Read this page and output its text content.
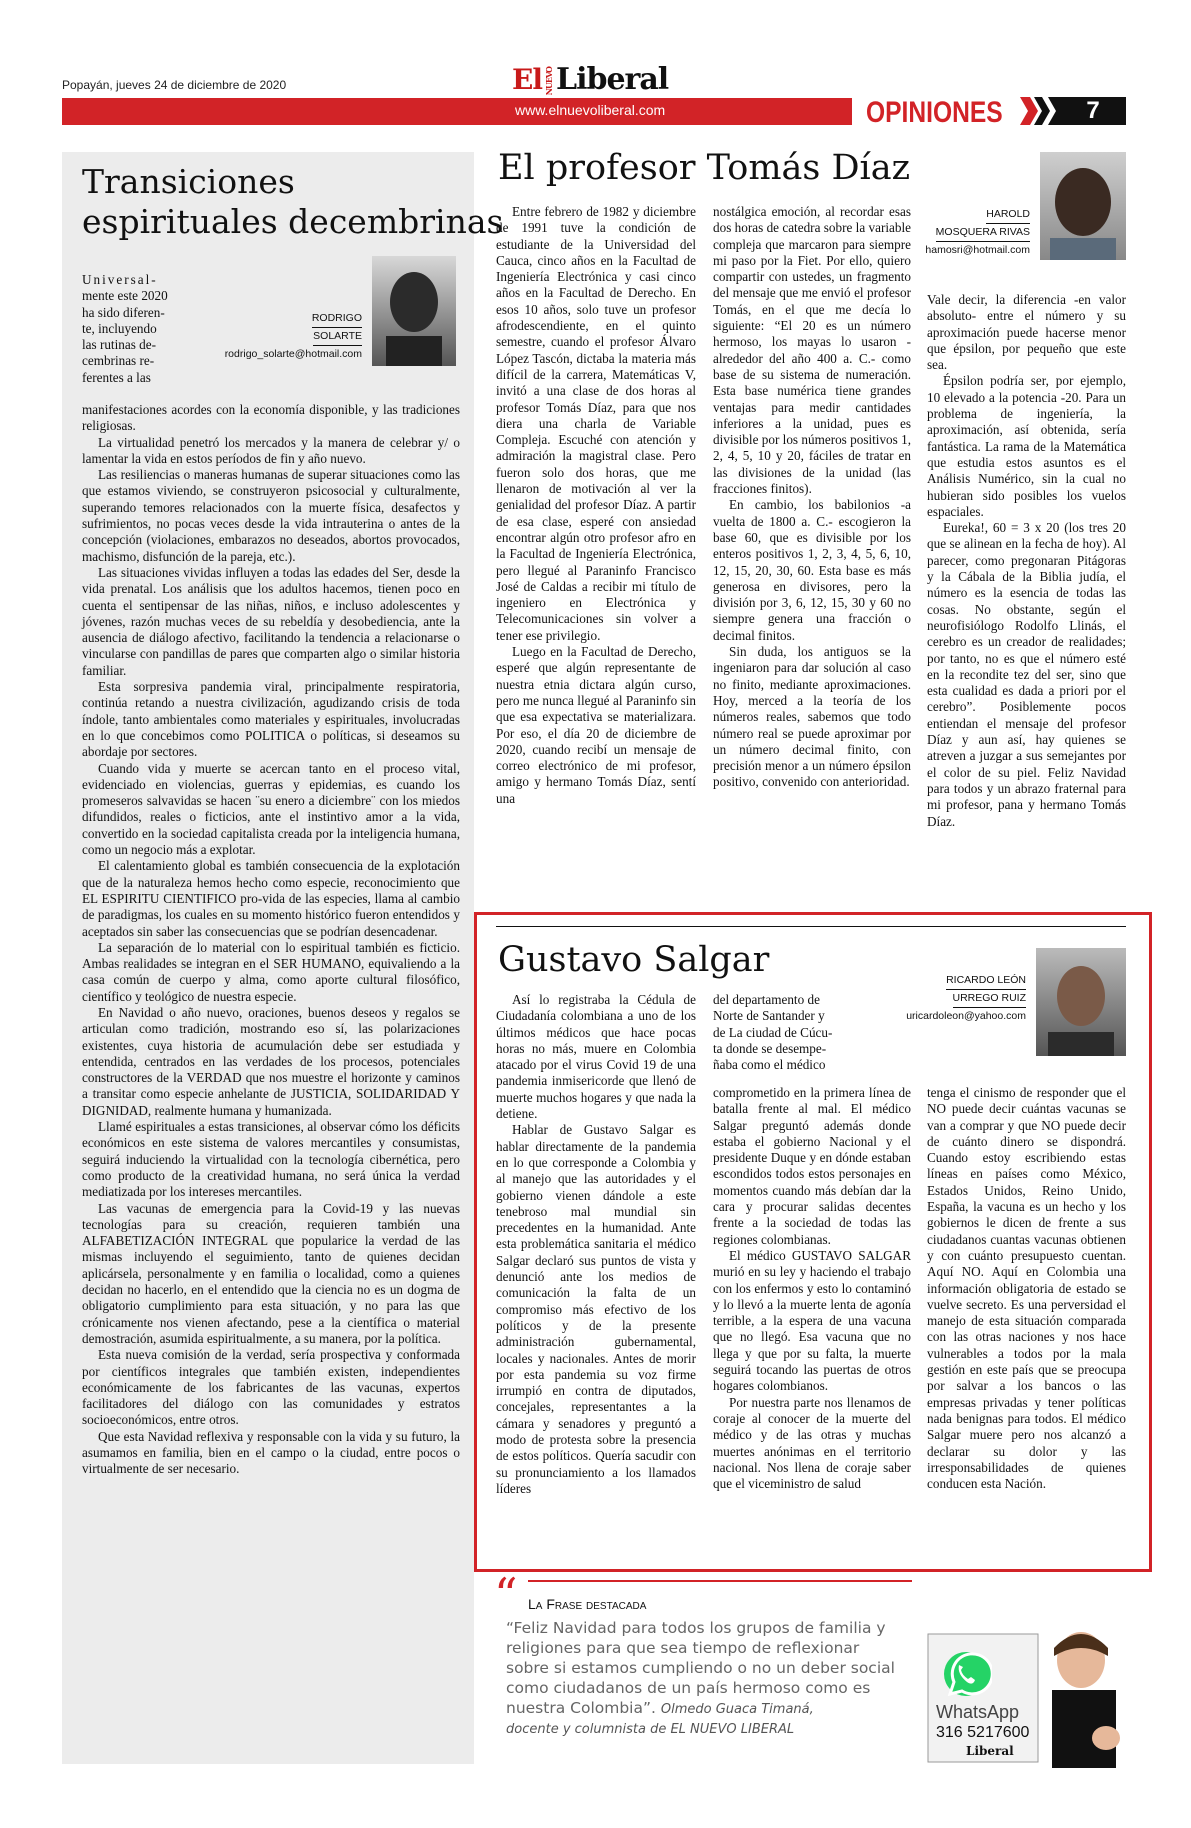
Popayán, jueves 24 de diciembre de 2020	El NUEVOLiberal
www.elnuevoliberal.com	OPINIONES	7
Transiciones
espirituales decembrinas
Universal-
mente este 2020
ha sido diferen-
te, incluyendo
las rutinas de-
cembrinas re-
ferentes a las
RODRIGO
SOLARTE
rodrigo_solarte@hotmail.com

manifestaciones acordes con la economía disponible, y las tradiciones religiosas.

La virtualidad penetró los mercados y la manera de celebrar y/ o lamentar la vida en estos períodos de fin y año nuevo.

Las resiliencias o maneras humanas de superar situaciones como las que estamos viviendo, se construyeron psicosocial y culturalmente, superando temores relacionados con la muerte física, desafectos y sufrimientos, no pocas veces desde la vida intrauterina o antes de la concepción (violaciones, embarazos no deseados, abortos provocados, machismo, disfunción de la pareja, etc.).

Las situaciones vividas influyen a todas las edades del Ser, desde la vida prenatal. Los análisis que los adultos hacemos, tienen poco en cuenta el sentipensar de las niñas, niños, e incluso adolescentes y jóvenes, razón muchas veces de su rebeldía y desobediencia, ante la ausencia de diálogo afectivo, facilitando la tendencia a relacionarse o vincularse con pandillas de pares que comparten algo o similar historia familiar.

Esta sorpresiva pandemia viral, principalmente respiratoria, continúa retando a nuestra civilización, agudizando crisis de toda índole, tanto ambientales como materiales y espirituales, involucradas en lo que concebimos como POLITICA o políticas, si deseamos su abordaje por sectores.

Cuando vida y muerte se acercan tanto en el proceso vital, evidenciado en violencias, guerras y epidemias, es cuando los promeseros salvavidas se hacen ¨su enero a diciembre¨ con los miedos difundidos, reales o ficticios, ante el instintivo amor a la vida, convertido en la sociedad capitalista creada por la inteligencia humana, como un negocio más a explotar.

El calentamiento global es también consecuencia de la explotación que de la naturaleza hemos hecho como especie, reconocimiento que EL ESPIRITU CIENTIFICO pro-vida de las especies, llama al cambio de paradigmas, los cuales en su momento histórico fueron entendidos y aceptados sin saber las consecuencias que se podrían desencadenar.

La separación de lo material con lo espiritual también es ficticio. Ambas realidades se integran en el SER HUMANO, equivaliendo a la casa común de cuerpo y alma, como aporte cultural filosófico, científico y teológico de nuestra especie.

En Navidad o año nuevo, oraciones, buenos deseos y regalos se articulan como tradición, mostrando eso sí, las polarizaciones existentes, cuya historia de acumulación debe ser estudiada y entendida, centrados en las verdades de los procesos, potenciales constructores de la VERDAD que nos muestre el horizonte y caminos a transitar como especie anhelante de JUSTICIA, SOLIDARIDAD Y DIGNIDAD, realmente humana y humanizada.

Llamé espirituales a estas transiciones, al observar cómo los déficits económicos en este sistema de valores mercantiles y consumistas, seguirá induciendo la virtualidad con la tecnología cibernética, pero como producto de la creatividad humana, no será única la verdad mediatizada por los intereses mercantiles.

Las vacunas de emergencia para la Covid-19 y las nuevas tecnologías para su creación, requieren también una ALFABETIZACIÓN INTEGRAL que popularice la verdad de las mismas incluyendo el seguimiento, tanto de quienes decidan aplicársela, personalmente y en familia o localidad, como a quienes decidan no hacerlo, en el entendido que la ciencia no es un dogma de obligatorio cumplimiento para esta situación, y no para las que crónicamente nos vienen afectando, pese a la científica o material demostración, asumida espiritualmente, a su manera, por la política.

Esta nueva comisión de la verdad, sería prospectiva y conformada por científicos integrales que también existen, independientes económicamente de los fabricantes de las vacunas, expertos facilitadores del diálogo con las comunidades y estratos socioeconómicos, entre otros.

Que esta Navidad reflexiva y responsable con la vida y su futuro, la asumamos en familia, bien en el campo o la ciudad, entre pocos o virtualmente de ser necesario.

El profesor Tomás Díaz
HAROLD
MOSQUERA RIVAS
hamosri@hotmail.com

Entre febrero de 1982 y diciembre de 1991 tuve la condición de estudiante de la Universidad del Cauca, cinco años en la Facultad de Ingeniería Electrónica y casi cinco años en la Facultad de Derecho. En esos 10 años, solo tuve un profesor afrodescendiente, en el quinto semestre, cuando el profesor Álvaro López Tascón, dictaba la materia más difícil de la carrera, Matemáticas V, invitó a una clase de dos horas al profesor Tomás Díaz, para que nos diera una charla de Variable Compleja. Escuché con atención y admiración la magistral clase. Pero fueron solo dos horas, que me llenaron de motivación al ver la genialidad del profesor Díaz. A partir de esa clase, esperé con ansiedad encontrar algún otro profesor afro en la Facultad de Ingeniería Electrónica, pero llegué al Paraninfo Francisco José de Caldas a recibir mi título de ingeniero en Electrónica y Telecomunicaciones sin volver a tener ese privilegio.

Luego en la Facultad de Derecho, esperé que algún representante de nuestra etnia dictara algún curso, pero me nunca llegué al Paraninfo sin que esa expectativa se materializara. Por eso, el día 20 de diciembre de 2020, cuando recibí un mensaje de correo electrónico de mi profesor, amigo y hermano Tomás Díaz, sentí una

nostálgica emoción, al recordar esas dos horas de catedra sobre la variable compleja que marcaron para siempre mi paso por la Fiet. Por ello, quiero compartir con ustedes, un fragmento del mensaje que me envió el profesor Tomás, en el que me decía lo siguiente: “El 20 es un número hermoso, los mayas lo usaron -alrededor del año 400 a. C.- como base de su sistema de numeración. Esta base numérica tiene grandes ventajas para medir cantidades inferiores a la unidad, pues es divisible por los números positivos 1, 2, 4, 5, 10 y 20, fáciles de tratar en las divisiones de la unidad (las fracciones finitos).

En cambio, los babilonios -a vuelta de 1800 a. C.- escogieron la base 60, que es divisible por los enteros positivos 1, 2, 3, 4, 5, 6, 10, 12, 15, 20, 30, 60. Esta base es más generosa en divisores, pero la división por 3, 6, 12, 15, 30 y 60 no siempre genera una fracción o decimal finitos.

Sin duda, los antiguos se la ingeniaron para dar solución al caso no finito, mediante aproximaciones. Hoy, merced a la teoría de los números reales, sabemos que todo número real se puede aproximar por un número decimal finito, con precisión menor a un número épsilon positivo, convenido con anterioridad.

Vale decir, la diferencia -en valor absoluto- entre el número y su aproximación puede hacerse menor que épsilon, por pequeño que este sea.

Épsilon podría ser, por ejemplo, 10 elevado a la potencia -20. Para un problema de ingeniería, la aproximación, así obtenida, sería fantástica. La rama de la Matemática que estudia estos asuntos es el Análisis Numérico, sin la cual no hubieran sido posibles los vuelos espaciales.

Eureka!, 60 = 3 x 20 (los tres 20 que se alinean en la fecha de hoy). Al parecer, como pregonaran Pitágoras y la Cábala de la Biblia judía, el número es la esencia de todas las cosas. No obstante, según el neurofisiólogo Rodolfo Llinás, el cerebro es un creador de realidades; por tanto, no es que el número esté en la recondite tez del ser, sino que esta cualidad es dada a priori por el cerebro”. Posiblemente pocos entiendan el mensaje del profesor Díaz y aun así, hay quienes se atreven a juzgar a sus semejantes por el color de su piel. Feliz Navidad para todos y un abrazo fraternal para mi profesor, pana y hermano Tomás Díaz.

Gustavo Salgar	RICARDO LEÓN
URREGO RUIZ
uricardoleon@yahoo.com

Así lo registraba la Cédula de Ciudadanía colombiana a uno de los últimos médicos que hace pocas horas no más, muere en Colombia atacado por el virus Covid 19 de una pandemia inmisericorde que llenó de muerte muchos hogares y que nada la detiene.

Hablar de Gustavo Salgar es hablar directamente de la pandemia en lo que corresponde a Colombia y al manejo que las autoridades y el gobierno vienen dándole a este tenebroso mal mundial sin precedentes en la humanidad. Ante esta problemática sanitaria el médico Salgar declaró sus puntos de vista y denunció ante los medios de comunicación la falta de un compromiso más efectivo de los políticos y de la presente administración gubernamental, locales y nacionales. Antes de morir por esta pandemia su voz firme irrumpió en contra de diputados, concejales, representantes a la cámara y senadores y preguntó a modo de protesta sobre la presencia de estos políticos. Quería sacudir con su pronunciamiento a los llamados líderes

del departamento de
Norte de Santander y
de La ciudad de Cúcu-
ta donde se desempe-
ñaba como el médico

comprometido en la primera línea de batalla frente al mal. El médico Salgar preguntó además donde estaba el gobierno Nacional y el presidente Duque y en dónde estaban escondidos todos estos personajes en momentos cuando más debían dar la cara y procurar salidas decentes frente a la sociedad de todas las regiones colombianas.

El médico GUSTAVO SALGAR murió en su ley y haciendo el trabajo con los enfermos y esto lo contaminó y lo llevó a la muerte lenta de agonía terrible, a la espera de una vacuna que no llegó. Esa vacuna que no llega y que por su falta, la muerte seguirá tocando las puertas de otros hogares colombianos.

Por nuestra parte nos llenamos de coraje al conocer de la muerte del médico y de las otras y muchas muertes anónimas en el territorio nacional. Nos llena de coraje saber que el viceministro de salud

tenga el cinismo de responder que el NO puede decir cuántas vacunas se van a comprar y que NO puede decir de cuánto dinero se dispondrá. Cuando estoy escribiendo estas líneas en países como México, Estados Unidos, Reino Unido, España, la vacuna es un hecho y los gobiernos le dicen de frente a sus ciudadanos cuantas vacunas obtienen y con cuánto presupuesto cuentan. Aquí NO. Aquí en Colombia una información obligatoria de estado se vuelve secreto. Es una perversidad el manejo de esta situación comparada con las otras naciones y nos hace vulnerables a todos por la mala gestión en este país que se preocupa por salvar a los bancos o las empresas privadas y tener políticas nada benignas para todos. El médico Salgar muere pero nos alcanzó a declarar su dolor y las irresponsabilidades de quienes conducen esta Nación.

“ La Frase destacada
“Feliz Navidad para todos los grupos de familia y religiones para que sea tiempo de reflexionar sobre si estamos cumpliendo o no un deber social como ciudadanos de un país hermoso como es nuestra Colombia”. Olmedo Guaca Timaná,
docente y columnista de EL NUEVO LIBERAL
WhatsApp
316 5217600
Liberal
